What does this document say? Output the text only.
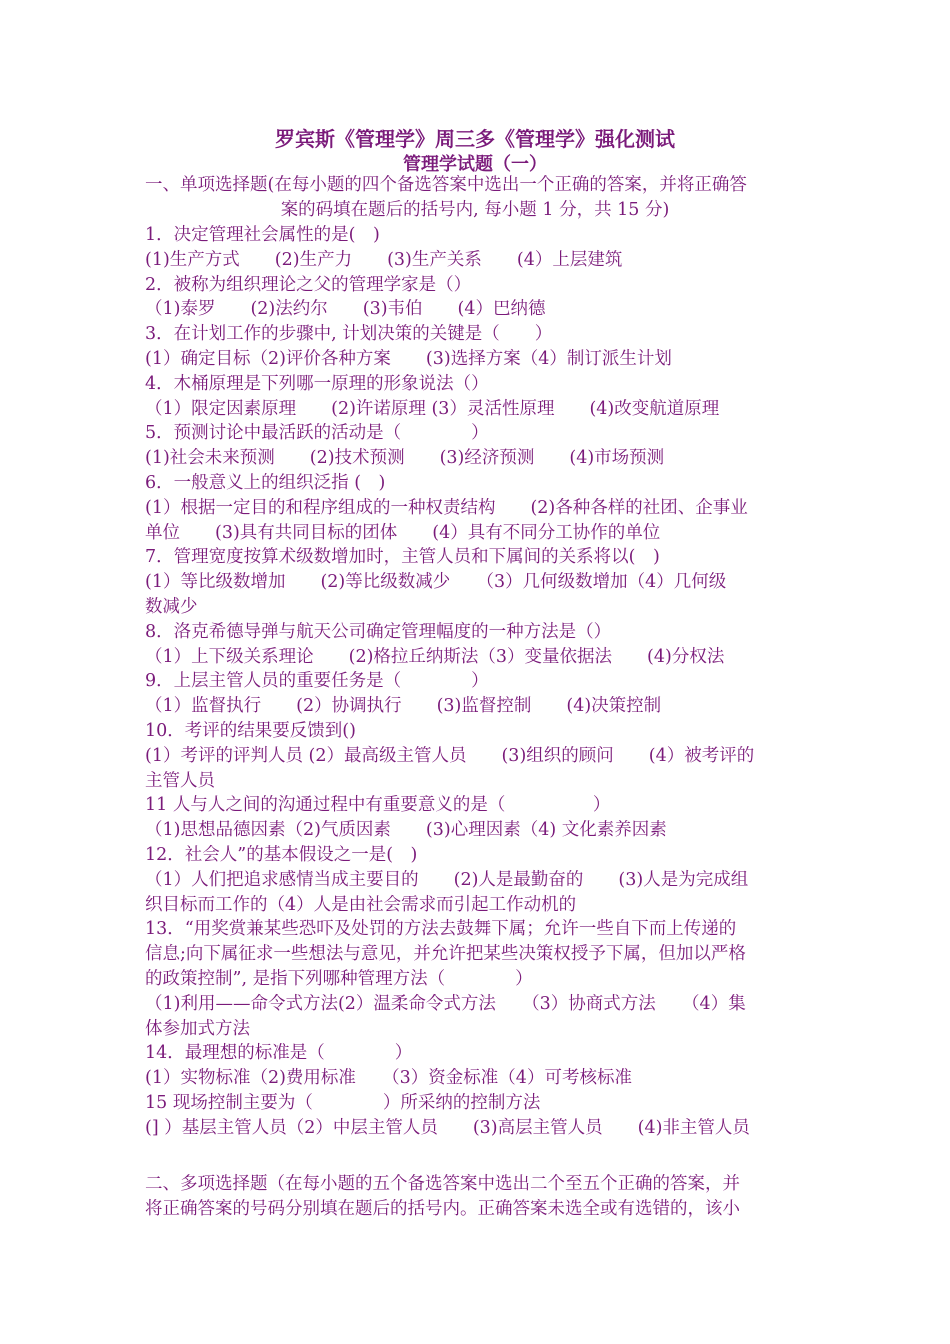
罗宾斯《管理学》周三多《管理学》强化测试
管理学试题（一）
一、单项选择题(在每小题的四个备选答案中选出一个正确的答案，并将正确答
案的码填在题后的括号内, 每小题 1 分，共 15 分)
1．决定管理社会属性的是(　)
(1)生产方式　　(2)生产力　　(3)生产关系　　(4）上层建筑
2．被称为组织理论之父的管理学家是（）
（1)泰罗　　(2)法约尔　　(3)韦伯　　(4）巴纳德
3．在计划工作的步骤中, 计划决策的关键是（　　）
(1）确定目标（2)评价各种方案　　(3)选择方案（4）制订派生计划
4．木桶原理是下列哪一原理的形象说法（）
（1）限定因素原理　　(2)许诺原理 (3）灵活性原理　　(4)改变航道原理
5．预测讨论中最活跃的活动是（　　　　）
(1)社会未来预测　　(2)技术预测　　(3)经济预测　　(4)市场预测
6．一般意义上的组织泛指 (　)
(1）根据一定目的和程序组成的一种权责结构　　(2)各种各样的社团、企事业
单位　　(3)具有共同目标的团体　　(4）具有不同分工协作的单位
7．管理宽度按算术级数增加时，主管人员和下属间的关系将以(　)
(1）等比级数增加　　(2)等比级数减少　　（3）几何级数增加（4）几何级
数减少
8．洛克希德导弹与航天公司确定管理幅度的一种方法是（）
（1）上下级关系理论　　(2)格拉丘纳斯法（3）变量依据法　　(4)分权法
9．上层主管人员的重要任务是（　　　　）
（1）监督执行　　(2）协调执行　　(3)监督控制　　(4)决策控制
10．考评的结果要反馈到()
(1）考评的评判人员 (2）最高级主管人员　　(3)组织的顾问　　(4）被考评的
主管人员
11 人与人之间的沟通过程中有重要意义的是（　　　　　）
（1)思想品德因素（2)气质因素　　(3)心理因素（4) 文化素养因素
12．社会人”的基本假设之一是(　)
（1）人们把追求感情当成主要目的　　(2)人是最勤奋的　　(3)人是为完成组
织目标而工作的（4）人是由社会需求而引起工作动机的
13．“用奖赏兼某些恐吓及处罚的方法去鼓舞下属；允许一些自下而上传递的
信息;向下属征求一些想法与意见，并允许把某些决策权授予下属，但加以严格
的政策控制”, 是指下列哪种管理方法（　　　　）
（1)利用——命令式方法(2）温柔命令式方法　　（3）协商式方法　　（4）集
体参加式方法
14．最理想的标准是（　　　　）
(1）实物标准（2)费用标准　　（3）资金标准（4）可考核标准
15 现场控制主要为（　　　　）所采纳的控制方法
(] ）基层主管人员（2）中层主管人员　　(3)高层主管人员　　(4)非主管人员
二、多项选择题（在每小题的五个备选答案中选出二个至五个正确的答案，并
将正确答案的号码分别填在题后的括号内。正确答案未选全或有选错的，该小
